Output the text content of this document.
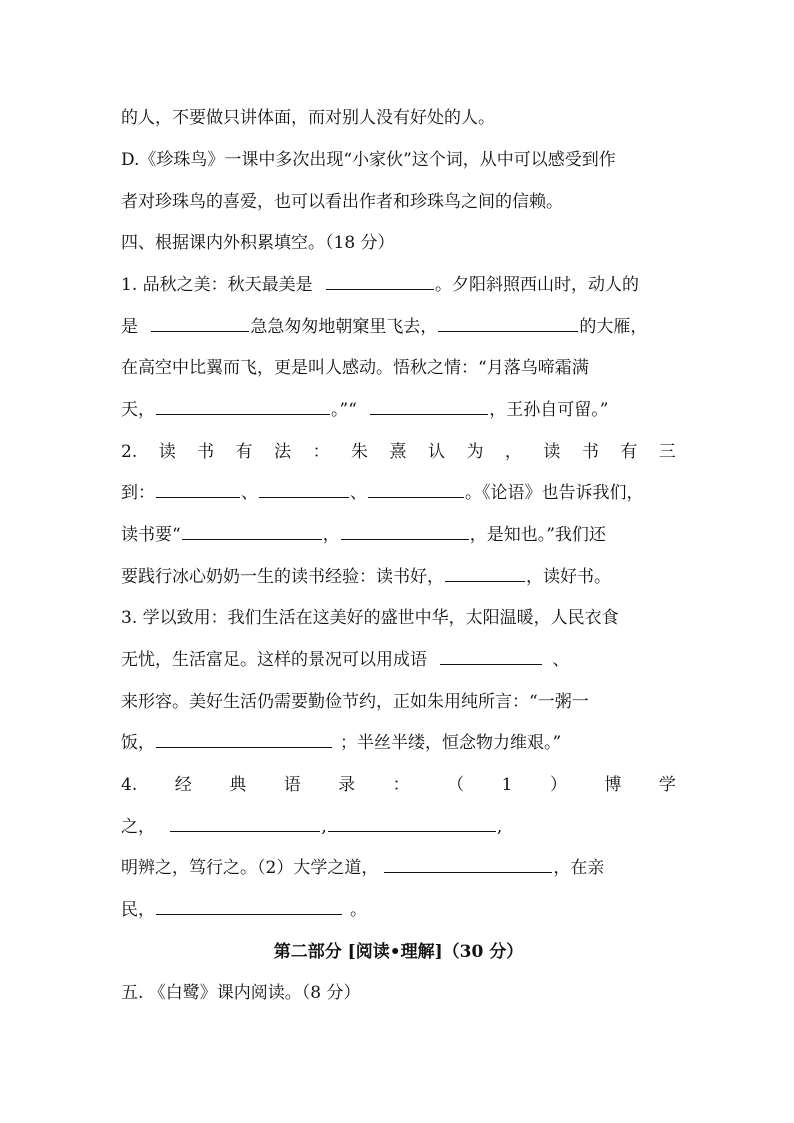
的人，不要做只讲体面，而对别人没有好处的人。
D.《珍珠鸟》一课中多次出现“小家伙”这个词，从中可以感受到作
者对珍珠鸟的喜爱，也可以看出作者和珍珠鸟之间的信赖。
四、根据课内外积累填空。（18 分）
1. 品秋之美：秋天最美是	。夕阳斜照西山时，动人的
是	急急匆匆地朝窠里飞去，	的大雁，
在高空中比翼而飞，更是叫人感动。悟秋之情：“月落乌啼霜满
天，	。”“	，王孙自可留。”
2. 读 书 有 法 ： 朱 熹 认 为 ， 读 书 有 三
到：	、	、	。《论语》也告诉我们，
读书要“	，	，是知也。”我们还
要践行冰心奶奶一生的读书经验：读书好，	，读好书。
3. 学以致用：我们生活在这美好的盛世中华，太阳温暖，人民衣食
无忧，生活富足。这样的景况可以用成语	、
来形容。美好生活仍需要勤俭节约，正如朱用纯所言：“一粥一
饭，	；半丝半缕，恒念物力维艰。”
4. 经 典 语 录 ： （ 1 ） 博 学
之，	,	,
明辨之，笃行之。（2）大学之道，	，在亲
民，	。
第二部分 [阅读•理解]（30 分）
五. 《白鹭》课内阅读。（8 分）
